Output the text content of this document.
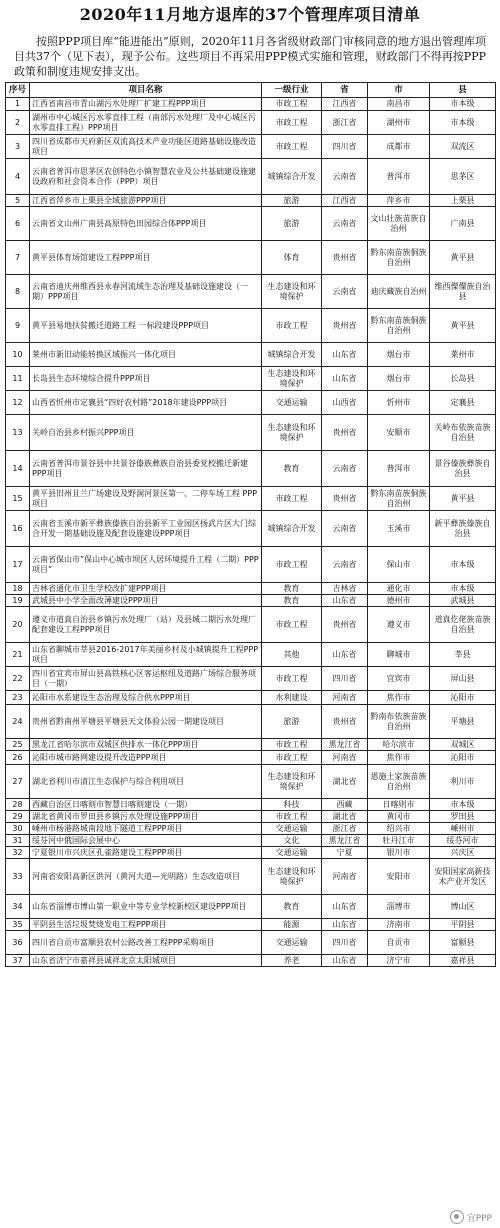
2020年11月地方退库的37个管理库项目清单

按照PPP项目库“能进能出”原则，2020年11月各省级财政部门审核同意的地方退出管理库项目共37个（见下表），现予公布。这些项目不再采用PPP模式实施和管理，财政部门不得再按PPP政策和制度违规安排支出。

序号	项目名称	一级行业	省	市	县
1	江西省南昌市青山湖污水处理厂扩建工程PPP项目	市政工程	江西省	南昌市	市本级
2	湖州市中心城区污水零直排工程（南部污水处理厂及中心城区污水零直排工程）PPP项目	市政工程	浙江省	湖州市	市本级
3	四川省成都市天府新区双流高技术产业功能区道路基础设施改造项目	市政工程	四川省	成都市	双流区
4	云南省普洱市思茅区农创特色小镇智慧农业及公共基础建设施建设政府和社会资本合作（PPP）项目	城镇综合开发	云南省	普洱市	思茅区
5	江西省萍乡市上栗县全域旅游PPP项目	旅游	江西省	萍乡市	上栗县
6	云南省文山州广南县高原特色田园综合体PPP项目	旅游	云南省	文山壮族苗族自治州	广南县
7	黄平县体育场馆建设工程PPP项目	体育	贵州省	黔东南苗族侗族自治州	黄平县
8	云南省迪庆州维西县永春河流域生态治理及基础设施建设（一期）PPP项目	生态建设和环境保护	云南省	迪庆藏族自治州	维西傈僳族自治县
9	黄平县易地扶贫搬迁道路工程 一标段建设PPP项目	市政工程	贵州省	黔东南苗族侗族自治州	黄平县
10	莱州市新旧动能转换区域振兴一体化项目	城镇综合开发	山东省	烟台市	莱州市
11	长岛县生态环境综合提升PPP项目	生态建设和环境保护	山东省	烟台市	长岛县
12	山西省忻州市定襄县“四好农村路”2018年建设PPP项目	交通运输	山西省	忻州市	定襄县
13	关岭自治县乡村振兴PPP项目	生态建设和环境保护	贵州省	安顺市	关岭布依族苗族自治县
14	云南省普洱市景谷县中共景谷傣族彝族自治县委党校搬迁新建PPP项目	教育	云南省	普洱市	景谷傣族彝族自治县
15	黄平县旧州且兰广场建设及野洞河景区第一、二停车场工程 PPP项目	市政工程	贵州省	黔东南苗族侗族自治州	黄平县
16	云南省玉溪市新平彝族傣族自治县新平工业园区扬武片区大门综合开发一期基础设施及配套设施建设PPP项目	城镇综合开发	云南省	玉溪市	新平彝族傣族自治县
17	云南省保山市”保山中心城市坝区人居环境提升工程（二期）PPP项目”	市政工程	云南省	保山市	市本级
18	吉林省通化市卫生学校改扩建PPP项目	教育	吉林省	通化市	市本级
19	武城县中小学全面改薄建设PPP项目	教育	山东省	德州市	武城县
20	遵义市道真自治县乡镇污水处理厂（站）及县城二期污水处理厂配套建设工程PPP项目	市政工程	贵州省	遵义市	道真仡佬族苗族自治县
21	山东省聊城市莘县2016-2017年美丽乡村及小城镇提升工程PPP项目	其他	山东省	聊城市	莘县
22	四川省宜宾市屏山县高铁核心区客运枢纽及道路广场综合服务项目（一期）	市政工程	四川省	宜宾市	屏山县
23	沁阳市水系建设生态治理及综合供水PPP项目	水利建设	河南省	焦作市	沁阳市
24	贵州省黔南州平塘县平塘县天文体验公园一期建设项目	旅游	贵州省	黔南布依族苗族自治州	平塘县
25	黑龙江省哈尔滨市双城区供排水一体化PPP项目	市政工程	黑龙江省	哈尔滨市	双城区
26	沁阳市城市路网建设提升改造PPP项目	市政工程	河南省	焦作市	沁阳市
27	湖北省利川市清江生态保护与综合利用项目	生态建设和环境保护	湖北省	恩施土家族苗族自治州	利川市
28	西藏自治区日喀则市智慧日喀则建设（一期）	科技	西藏	日喀则市	市本级
29	湖北省黄冈市罗田县乡镇污水处理设施PPP项目	市政工程	湖北省	黄冈市	罗田县
30	嵊州市杨港路城南段地下隧道工程PPP项目	交通运输	浙江省	绍兴市	嵊州市
31	绥芬河中俄国际会展中心	文化	黑龙江省	牡丹江市	绥芬河市
32	宁夏银川市兴庆区孔雀路建设工程PPP项目	交通运输	宁夏	银川市	兴庆区
33	河南省安阳高新区洪河（黄河大道—光明路）生态改造项目	生态建设和环境保护	河南省	安阳市	安阳国家高新技术产业开发区
34	山东省淄博市博山第一职业中等专业学校新校区建设PPP项目	教育	山东省	淄博市	博山区
35	平阴县生活垃圾焚烧发电工程PPP项目	能源	山东省	济南市	平阴县
36	四川省自贡市富顺县农村公路改善工程PPP采购项目	交通运输	四川省	自贡市	富顺县
37	山东省济宁市嘉祥县诚祥北京太阳城项目	养老	山东省	济宁市	嘉祥县
宜PPP
